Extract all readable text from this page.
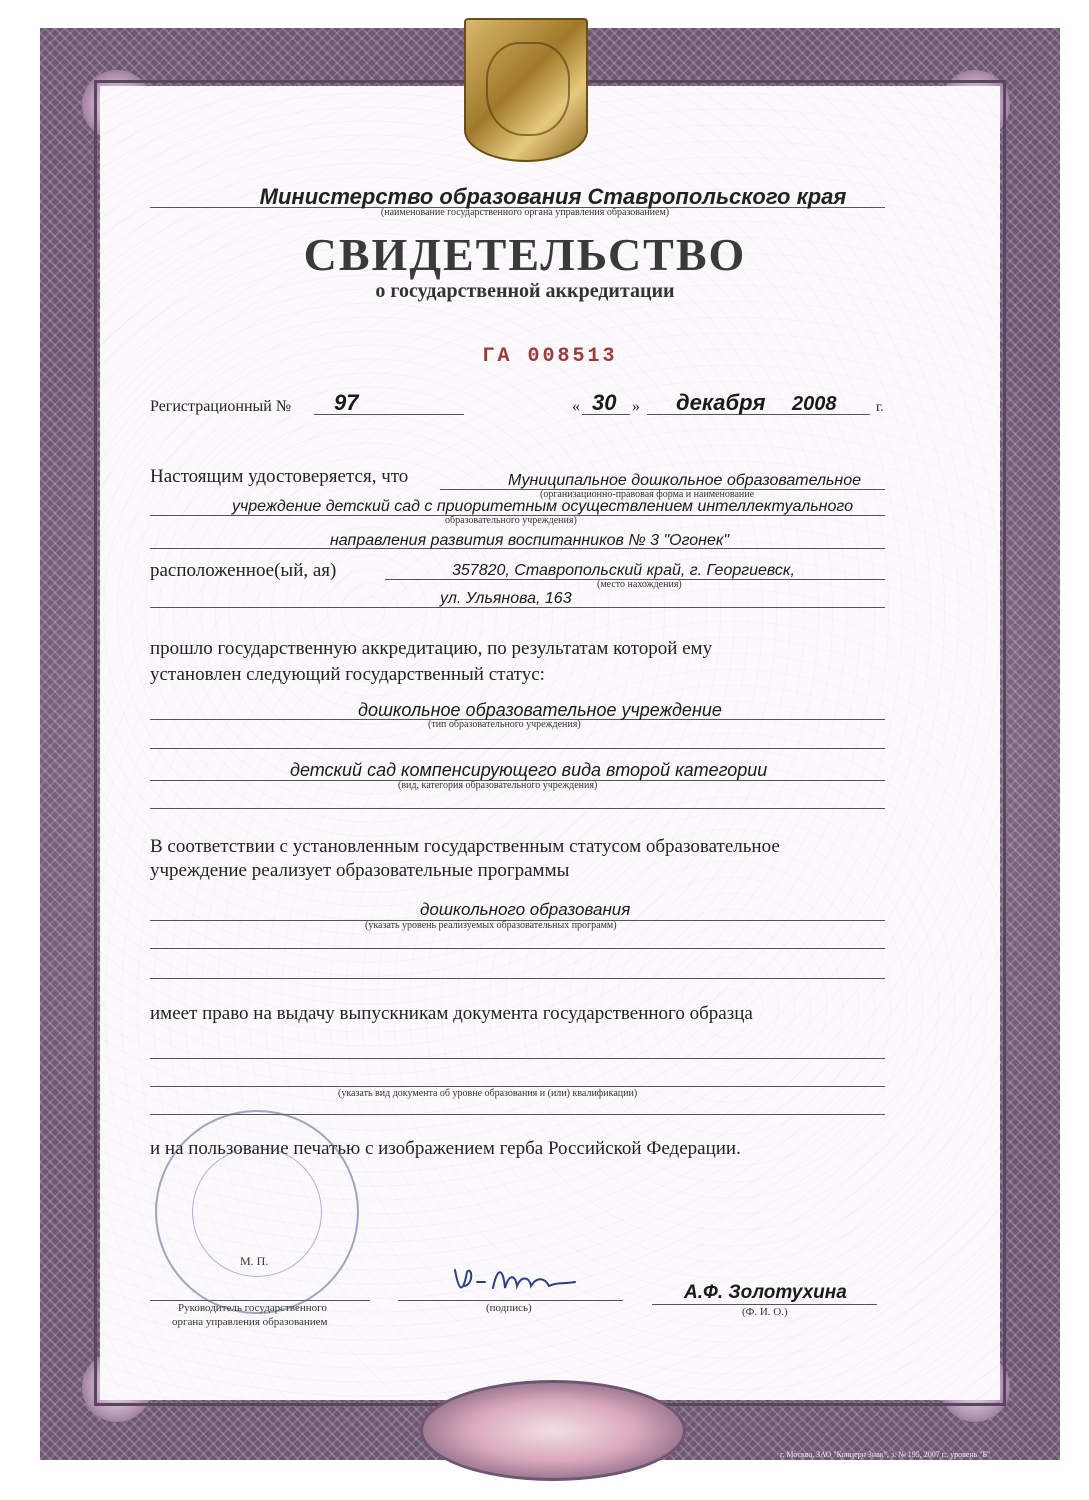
Министерство образования Ставропольского края
(наименование государственного органа управления образованием)
СВИДЕТЕЛЬСТВО
о государственной аккредитации
ГА 008513
Регистрационный № 97	« 30 » декабря 2008	г.
Настоящим удостоверяется, что	Муниципальное дошкольное образовательное
(организационно-правовая форма и наименование
учреждение детский сад с приоритетным осуществлением интеллектуального
образовательного учреждения)
направления развития воспитанников № 3 "Огонек"
расположенное(ый, ая)	357820, Ставропольский край, г. Георгиевск,
(место нахождения)
ул. Ульянова, 163
прошло государственную аккредитацию, по результатам которой ему
установлен следующий государственный статус:
дошкольное образовательное учреждение
(тип образовательного учреждения)
детский сад компенсирующего вида второй категории
(вид, категория образовательного учреждения)
В соответствии с установленным государственным статусом образовательное
учреждение реализует образовательные программы
дошкольного образования
(указать уровень реализуемых образовательных программ)
имеет право на выдачу выпускникам документа государственного образца
(указать вид документа об уровне образования и (или) квалификации)
и на пользование печатью с изображением герба Российской Федерации.
М. П.
Руководитель государственного
органа управления образованием
(подпись)
А.Ф. Золотухина
(Ф. И. О.)
г. Москва, ЗАО "Концерн Знак", з. № 195, 2007 г., уровень "Б"
